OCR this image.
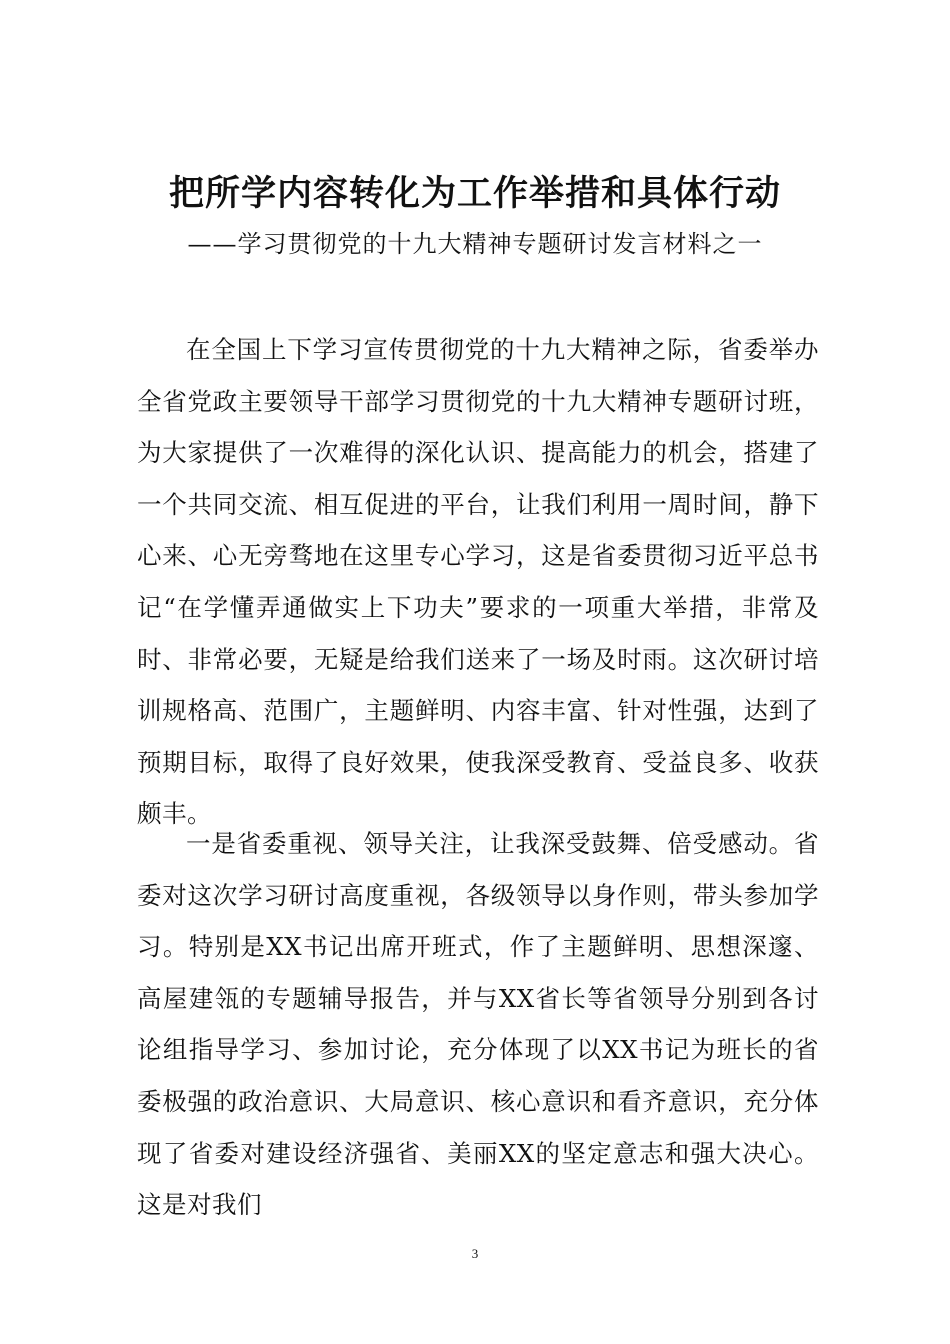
把所学内容转化为工作举措和具体行动

——学习贯彻党的十九大精神专题研讨发言材料之一

在全国上下学习宣传贯彻党的十九大精神之际，省委举办全省党政主要领导干部学习贯彻党的十九大精神专题研讨班，为大家提供了一次难得的深化认识、提高能力的机会，搭建了一个共同交流、相互促进的平台，让我们利用一周时间，静下心来、心无旁骛地在这里专心学习，这是省委贯彻习近平总书记“在学懂弄通做实上下功夫”要求的一项重大举措，非常及时、非常必要，无疑是给我们送来了一场及时雨。这次研讨培训规格高、范围广，主题鲜明、内容丰富、针对性强，达到了预期目标，取得了良好效果，使我深受教育、受益良多、收获颇丰。

一是省委重视、领导关注，让我深受鼓舞、倍受感动。省委对这次学习研讨高度重视，各级领导以身作则，带头参加学习。特别是XX书记出席开班式，作了主题鲜明、思想深邃、高屋建瓴的专题辅导报告，并与XX省长等省领导分别到各讨论组指导学习、参加讨论，充分体现了以XX书记为班长的省委极强的政治意识、大局意识、核心意识和看齐意识，充分体现了省委对建设经济强省、美丽XX的坚定意志和强大决心。这是对我们

3
